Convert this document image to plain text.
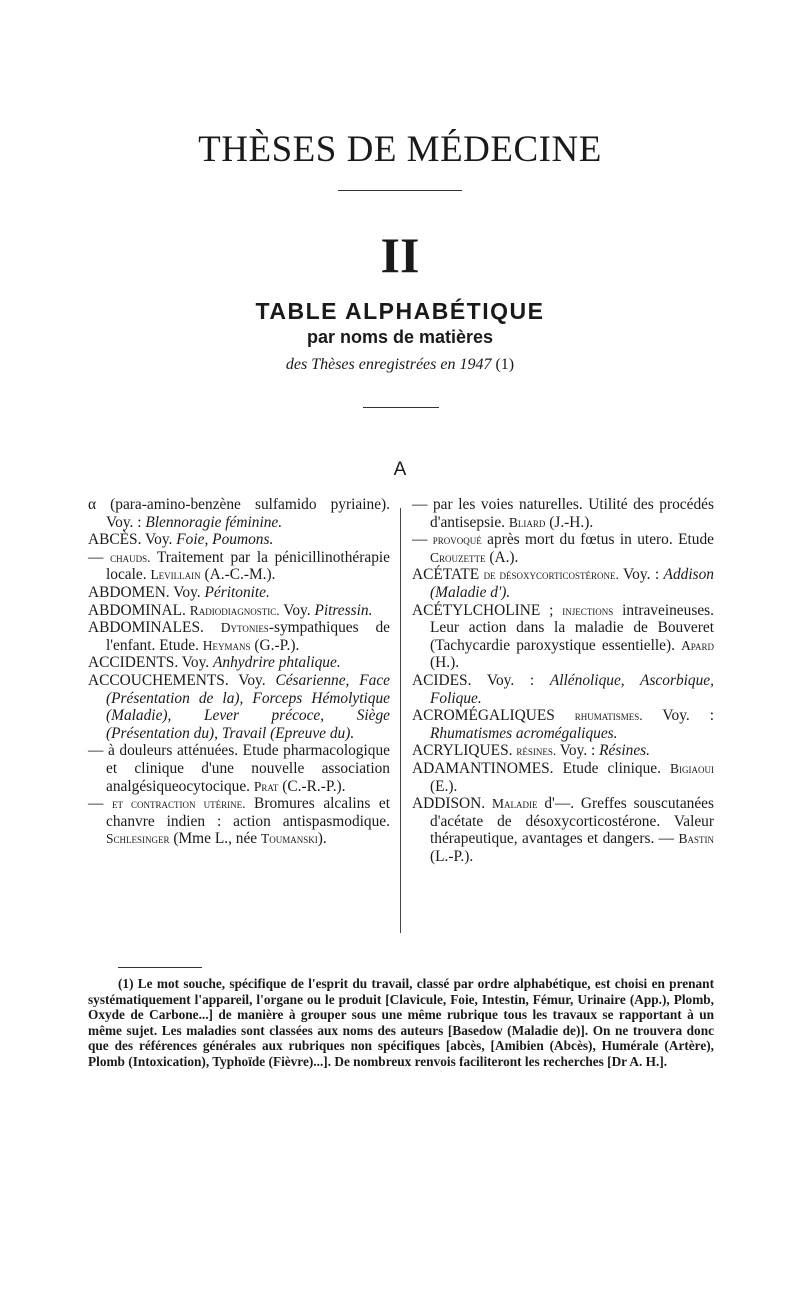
THÈSES DE MÉDECINE
II
TABLE ALPHABÉTIQUE
par noms de matières
des Thèses enregistrées en 1947 (1)
A
α (para-amino-benzène sulfamido pyriaine). Voy. : Blennoragie féminine.
ABCÈS. Voy. Foie, Poumons.
— chauds. Traitement par la pénicillinothérapie locale. Levillain (A.-C.-M.).
ABDOMEN. Voy. Péritonite.
ABDOMINAL. Radiodiagnostic. Voy. Pitressin.
ABDOMINALES. Dytonies-sympathiques de l'enfant. Etude. Heymans (G.-P.).
ACCIDENTS. Voy. Anhydrire phtalique.
ACCOUCHEMENTS. Voy. Césarienne, Face (Présentation de la), Forceps Hémolytique (Maladie), Lever précoce, Siège (Présentation du), Travail (Epreuve du).
— à douleurs atténuées. Etude pharmacologique et clinique d'une nouvelle association analgésiqueocytocique. Prat (C.-R.-P.).
— et contraction utérine. Bromures alcalins et chanvre indien : action antispasmodique. Schlesinger (Mme L., née Toumanski).
— par les voies naturelles. Utilité des procédés d'antisepsie. Bliard (J.-H.).
— provoqué après mort du fœtus in utero. Etude Crouzette (A.).
ACÉTATE de désoxycorticostérone. Voy. : Addison (Maladie d').
ACÉTYLCHOLINE ; injections intraveineuses. Leur action dans la maladie de Bouveret (Tachycardie paroxystique essentielle). Apard (H.).
ACIDES. Voy. : Allénolique, Ascorbique, Folique.
ACROMÉGALIQUES rhumatismes. Voy. : Rhumatismes acromégaliques.
ACRYLIQUES. résines. Voy. : Résines.
ADAMANTINOMES. Etude clinique. Bigiaoui (E.).
ADDISON. Maladie d'—. Greffes souscutanées d'acétate de désoxycorticostérone. Valeur thérapeutique, avantages et dangers. — Bastin (L.-P.).
(1) Le mot souche, spécifique de l'esprit du travail, classé par ordre alphabétique, est choisi en prenant systématiquement l'appareil, l'organe ou le produit [Clavicule, Foie, Intestin, Fémur, Urinaire (App.), Plomb, Oxyde de Carbone...] de manière à grouper sous une même rubrique tous les travaux se rapportant à un même sujet. Les maladies sont classées aux noms des auteurs [Basedow (Maladie de)]. On ne trouvera donc que des références générales aux rubriques non spécifiques [abcès, [Amibien (Abcès), Humérale (Artère), Plomb (Intoxication), Typhoïde (Fièvre)...]. De nombreux renvois faciliteront les recherches [Dr A. H.].
